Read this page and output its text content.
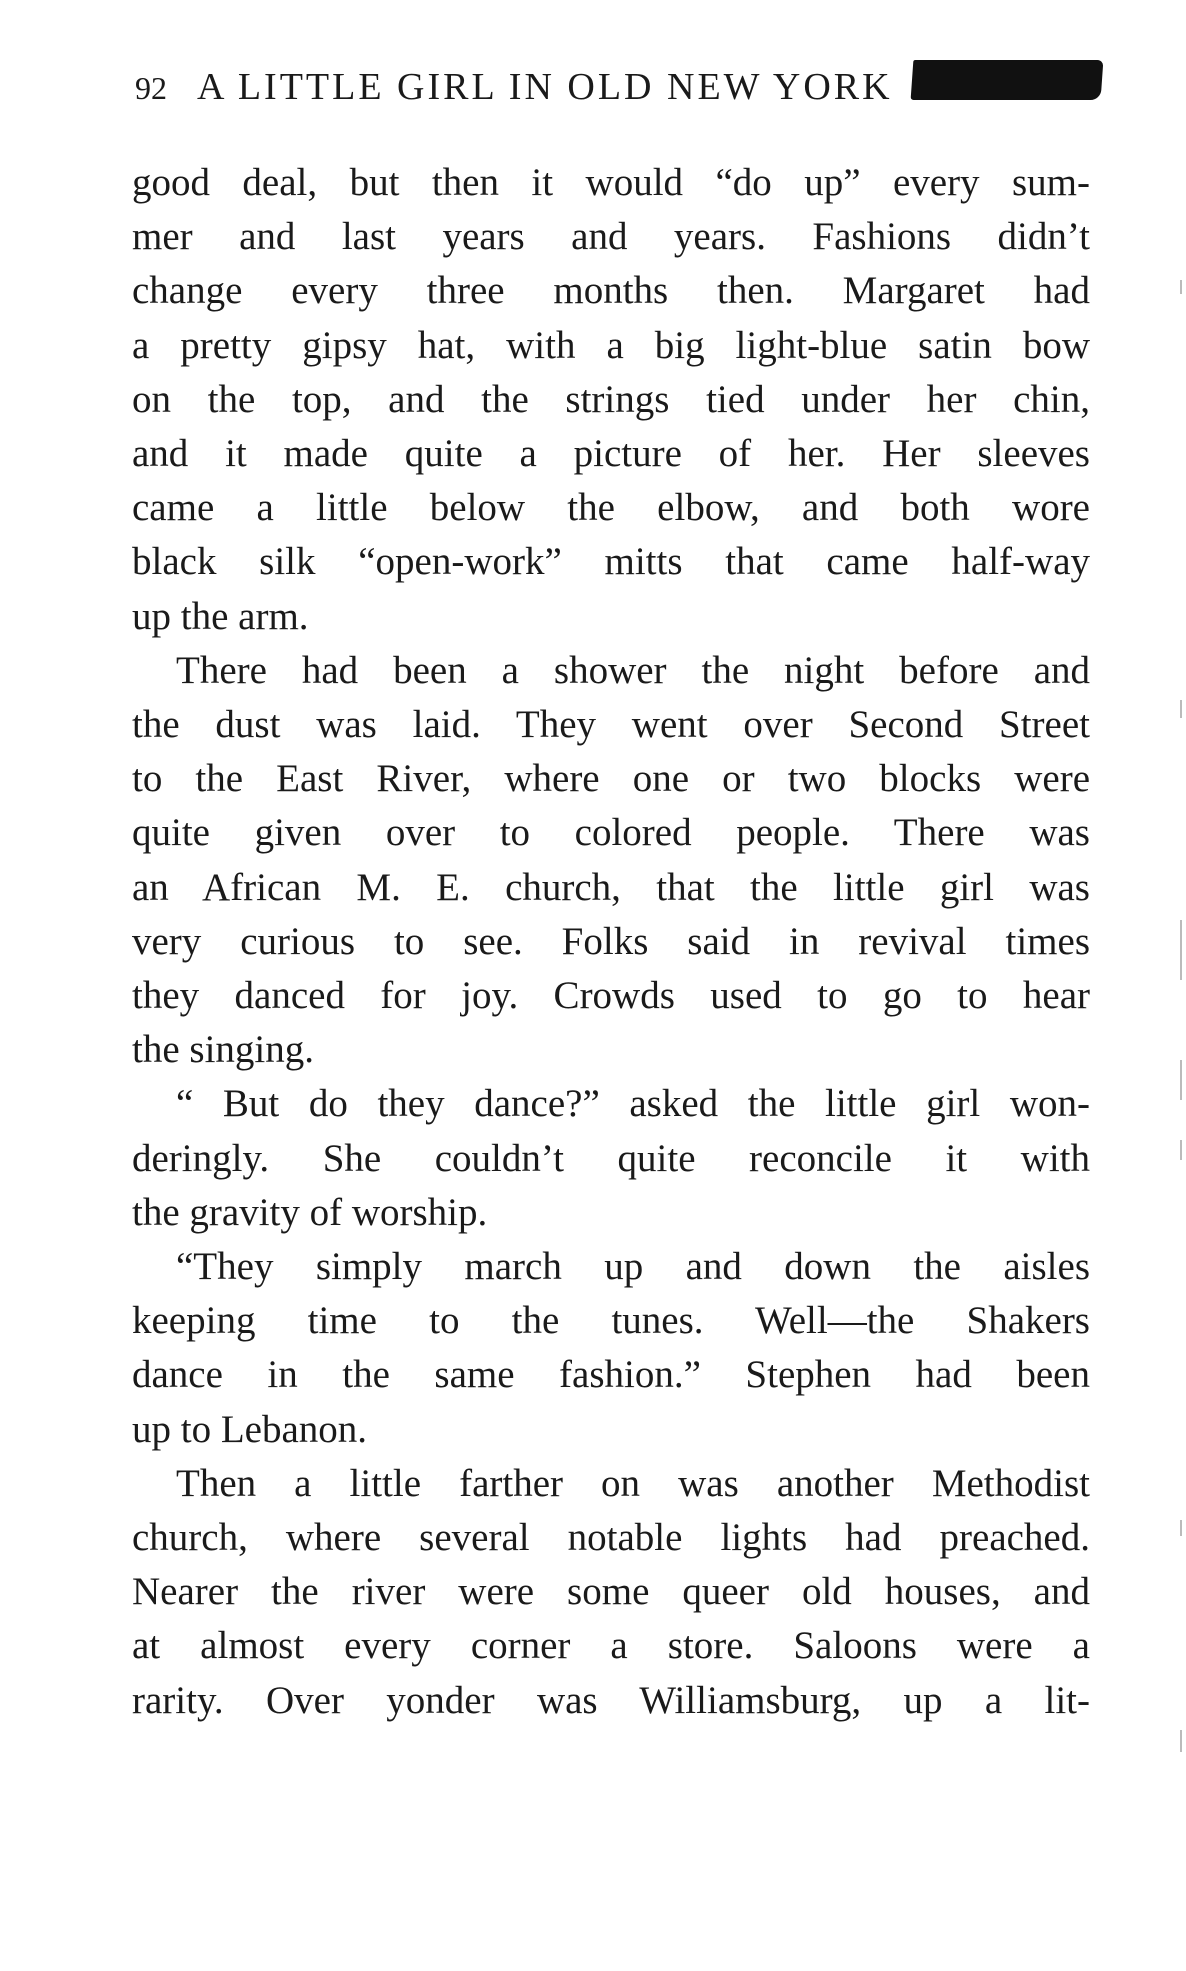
92 A LITTLE GIRL IN OLD NEW YORK

good deal, but then it would “do up” every sum-
mer and last years and years. Fashions didn’t
change every three months then. Margaret had
a pretty gipsy hat, with a big light-blue satin bow
on the top, and the strings tied under her chin,
and it made quite a picture of her. Her sleeves
came a little below the elbow, and both wore
black silk “open-work” mitts that came half-way
up the arm.

There had been a shower the night before and
the dust was laid. They went over Second Street
to the East River, where one or two blocks were
quite given over to colored people. There was
an African M. E. church, that the little girl was
very curious to see. Folks said in revival times
they danced for joy. Crowds used to go to hear
the singing.

“ But do they dance?” asked the little girl won-
deringly. She couldn’t quite reconcile it with
the gravity of worship.

“They simply march up and down the aisles
keeping time to the tunes. Well—the Shakers
dance in the same fashion.” Stephen had been
up to Lebanon.

Then a little farther on was another Methodist
church, where several notable lights had preached.
Nearer the river were some queer old houses, and
at almost every corner a store. Saloons were a
rarity. Over yonder was Williamsburg, up a lit-
